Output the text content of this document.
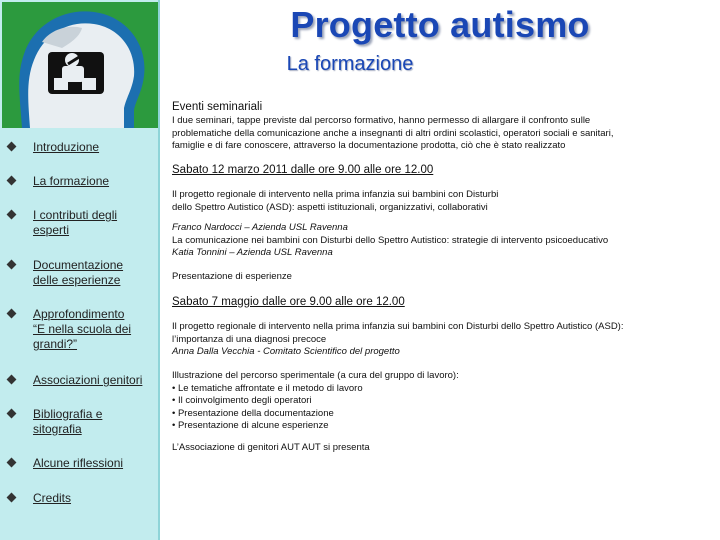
Introduzione
La formazione
I contributi degli
esperti
Documentazione
delle esperienze
Approfondimento
“E nella scuola dei
grandi?”
Associazioni genitori
Bibliografia e
sitografia
Alcune riflessioni
Credits
Progetto autismo
La formazione
Eventi seminariali
I due seminari, tappe previste dal percorso formativo, hanno permesso di allargare il confronto sulle
problematiche della comunicazione anche a insegnanti di altri ordini scolastici, operatori sociali e sanitari,
famiglie e di fare conoscere, attraverso la documentazione prodotta, ciò che è stato realizzato
Sabato 12 marzo 2011 dalle ore 9.00 alle ore 12.00
Il progetto regionale di intervento nella prima infanzia sui bambini con Disturbi
dello Spettro Autistico (ASD): aspetti istituzionali, organizzativi, collaborativi
Franco Nardocci – Azienda USL Ravenna
La comunicazione nei bambini con Disturbi dello Spettro Autistico: strategie di intervento psicoeducativo
Katia Tonnini – Azienda USL Ravenna
Presentazione di esperienze
Sabato 7 maggio dalle ore 9.00 alle ore 12.00
Il progetto regionale di intervento nella prima infanzia sui bambini con Disturbi dello Spettro Autistico (ASD):
l’importanza di una diagnosi precoce
Anna Dalla Vecchia - Comitato Scientifico del progetto
Illustrazione del percorso sperimentale (a cura del gruppo di lavoro):
• Le tematiche affrontate e il metodo di lavoro
• Il coinvolgimento degli operatori
• Presentazione della documentazione
• Presentazione di alcune esperienze
L’Associazione di genitori AUT AUT si presenta
